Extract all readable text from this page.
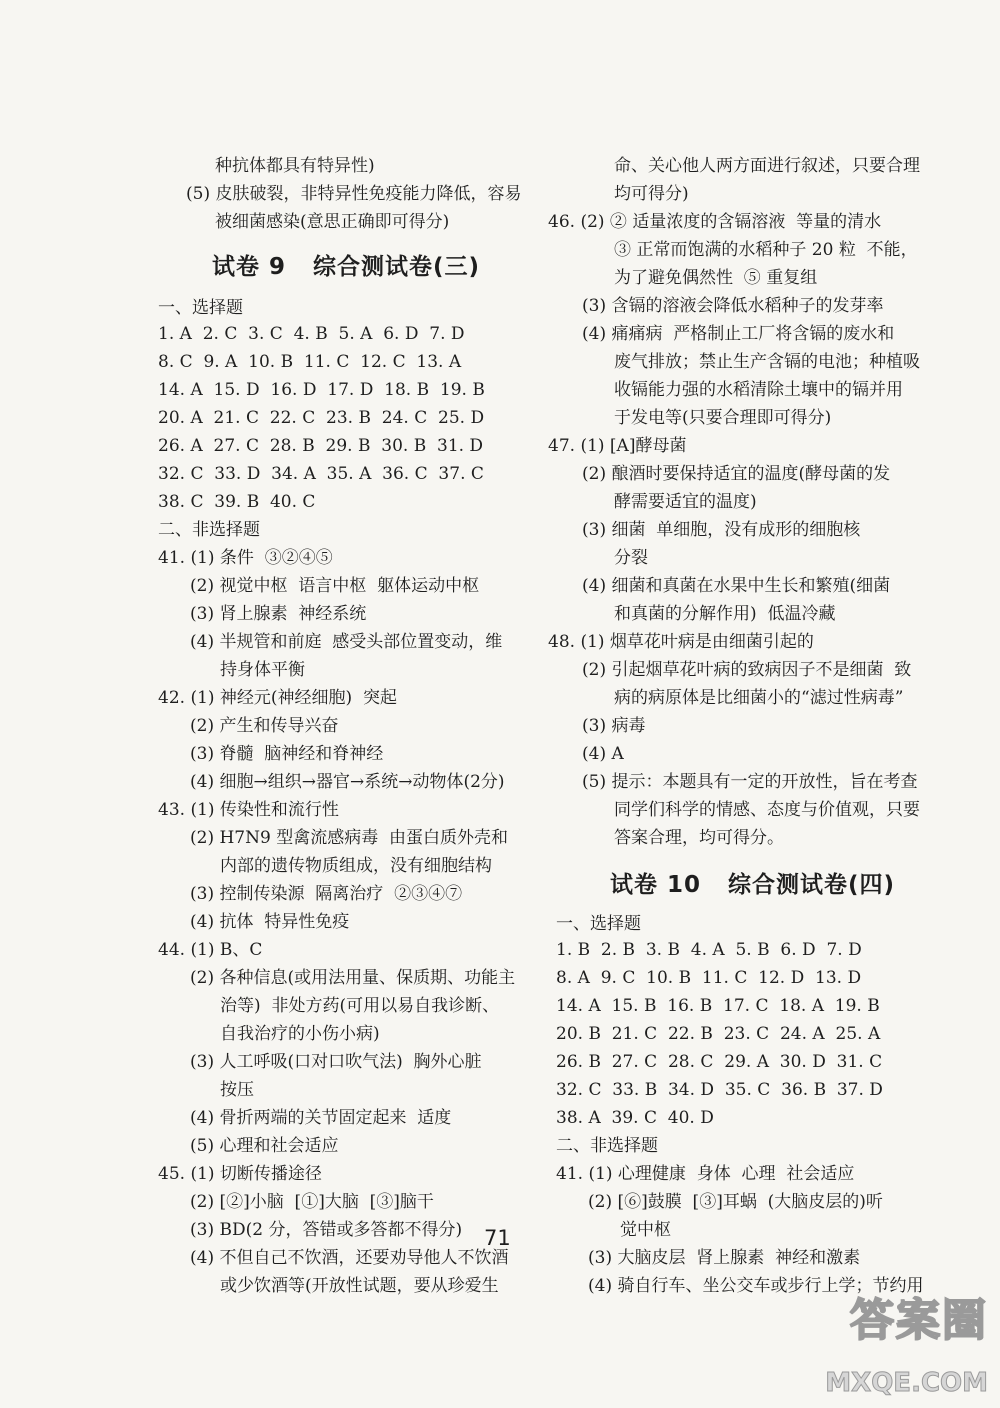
种抗体都具有特异性)
(5) 皮肤破裂，非特异性免疫能力降低，容易
被细菌感染(意思正确即可得分)
试卷 9   综合测试卷(三)
一、选择题
1. A  2. C  3. C  4. B  5. A  6. D  7. D
8. C  9. A  10. B  11. C  12. C  13. A
14. A  15. D  16. D  17. D  18. B  19. B
20. A  21. C  22. C  23. B  24. C  25. D
26. A  27. C  28. B  29. B  30. B  31. D
32. C  33. D  34. A  35. A  36. C  37. C
38. C  39. B  40. C
二、非选择题
41. (1) 条件  ③②④⑤
(2) 视觉中枢  语言中枢  躯体运动中枢
(3) 肾上腺素  神经系统
(4) 半规管和前庭  感受头部位置变动，维
持身体平衡
42. (1) 神经元(神经细胞)  突起
(2) 产生和传导兴奋
(3) 脊髓  脑神经和脊神经
(4) 细胞→组织→器官→系统→动物体(2分)
43. (1) 传染性和流行性
(2) H7N9 型禽流感病毒  由蛋白质外壳和
内部的遗传物质组成，没有细胞结构
(3) 控制传染源  隔离治疗  ②③④⑦
(4) 抗体  特异性免疫
44. (1) B、C
(2) 各种信息(或用法用量、保质期、功能主
治等)  非处方药(可用以易自我诊断、
自我治疗的小伤小病)
(3) 人工呼吸(口对口吹气法)  胸外心脏
按压
(4) 骨折两端的关节固定起来  适度
(5) 心理和社会适应
45. (1) 切断传播途径
(2) [②]小脑  [①]大脑  [③]脑干
(3) BD(2 分，答错或多答都不得分)
(4) 不但自己不饮酒，还要劝导他人不饮酒
或少饮酒等(开放性试题，要从珍爱生
命、关心他人两方面进行叙述，只要合理
均可得分)
46. (2) ② 适量浓度的含镉溶液  等量的清水
③ 正常而饱满的水稻种子 20 粒  不能，
为了避免偶然性  ⑤ 重复组
(3) 含镉的溶液会降低水稻种子的发芽率
(4) 痛痛病  严格制止工厂将含镉的废水和
废气排放；禁止生产含镉的电池；种植吸
收镉能力强的水稻清除土壤中的镉并用
于发电等(只要合理即可得分)
47. (1) [A]酵母菌
(2) 酿酒时要保持适宜的温度(酵母菌的发
酵需要适宜的温度)
(3) 细菌  单细胞，没有成形的细胞核
分裂
(4) 细菌和真菌在水果中生长和繁殖(细菌
和真菌的分解作用)  低温冷藏
48. (1) 烟草花叶病是由细菌引起的
(2) 引起烟草花叶病的致病因子不是细菌  致
病的病原体是比细菌小的“滤过性病毒”
(3) 病毒
(4) A
(5) 提示：本题具有一定的开放性，旨在考查
同学们科学的情感、态度与价值观，只要
答案合理，均可得分。
试卷 10   综合测试卷(四)
一、选择题
1. B  2. B  3. B  4. A  5. B  6. D  7. D
8. A  9. C  10. B  11. C  12. D  13. D
14. A  15. B  16. B  17. C  18. A  19. B
20. B  21. C  22. B  23. C  24. A  25. A
26. B  27. C  28. C  29. A  30. D  31. C
32. C  33. B  34. D  35. C  36. B  37. D
38. A  39. C  40. D
二、非选择题
41. (1) 心理健康  身体  心理  社会适应
(2) [⑥]鼓膜  [③]耳蜗  (大脑皮层的)听
觉中枢
(3) 大脑皮层  肾上腺素  神经和激素
(4) 骑自行车、坐公交车或步行上学；节约用
71
答案圈
MXQE.COM
